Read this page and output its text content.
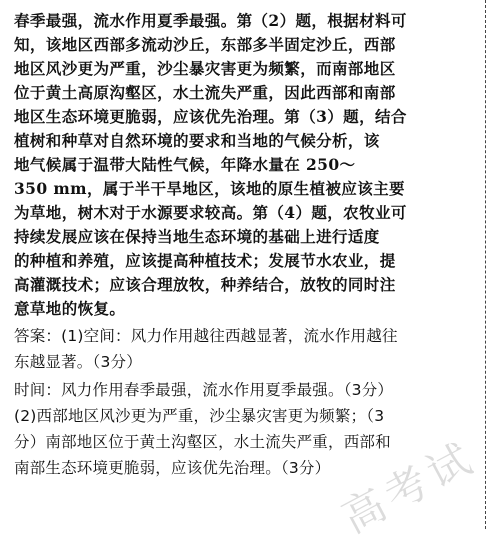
春季最强，流水作用夏季最强。第（2）题，根据材料可
知，该地区西部多流动沙丘，东部多半固定沙丘，西部
地区风沙更为严重，沙尘暴灾害更为频繁，而南部地区
位于黄土高原沟壑区，水土流失严重，因此西部和南部
地区生态环境更脆弱，应该优先治理。第（3）题，结合
植树和种草对自然环境的要求和当地的气候分析，该
地气候属于温带大陆性气候，年降水量在 250～
350 mm，属于半干旱地区，该地的原生植被应该主要
为草地，树木对于水源要求较高。第（4）题，农牧业可
持续发展应该在保持当地生态环境的基础上进行适度
的种植和养殖，应该提高种植技术；发展节水农业，提
高灌溉技术；应该合理放牧，种养结合，放牧的同时注
意草地的恢复。
答案：(1)空间：风力作用越往西越显著，流水作用越往
东越显著。（3分）
时间：风力作用春季最强，流水作用夏季最强。（3分）
(2)西部地区风沙更为严重，沙尘暴灾害更为频繁；（3
分）南部地区位于黄土沟壑区，水土流失严重，西部和
南部生态环境更脆弱，应该优先治理。（3分） 高考试
